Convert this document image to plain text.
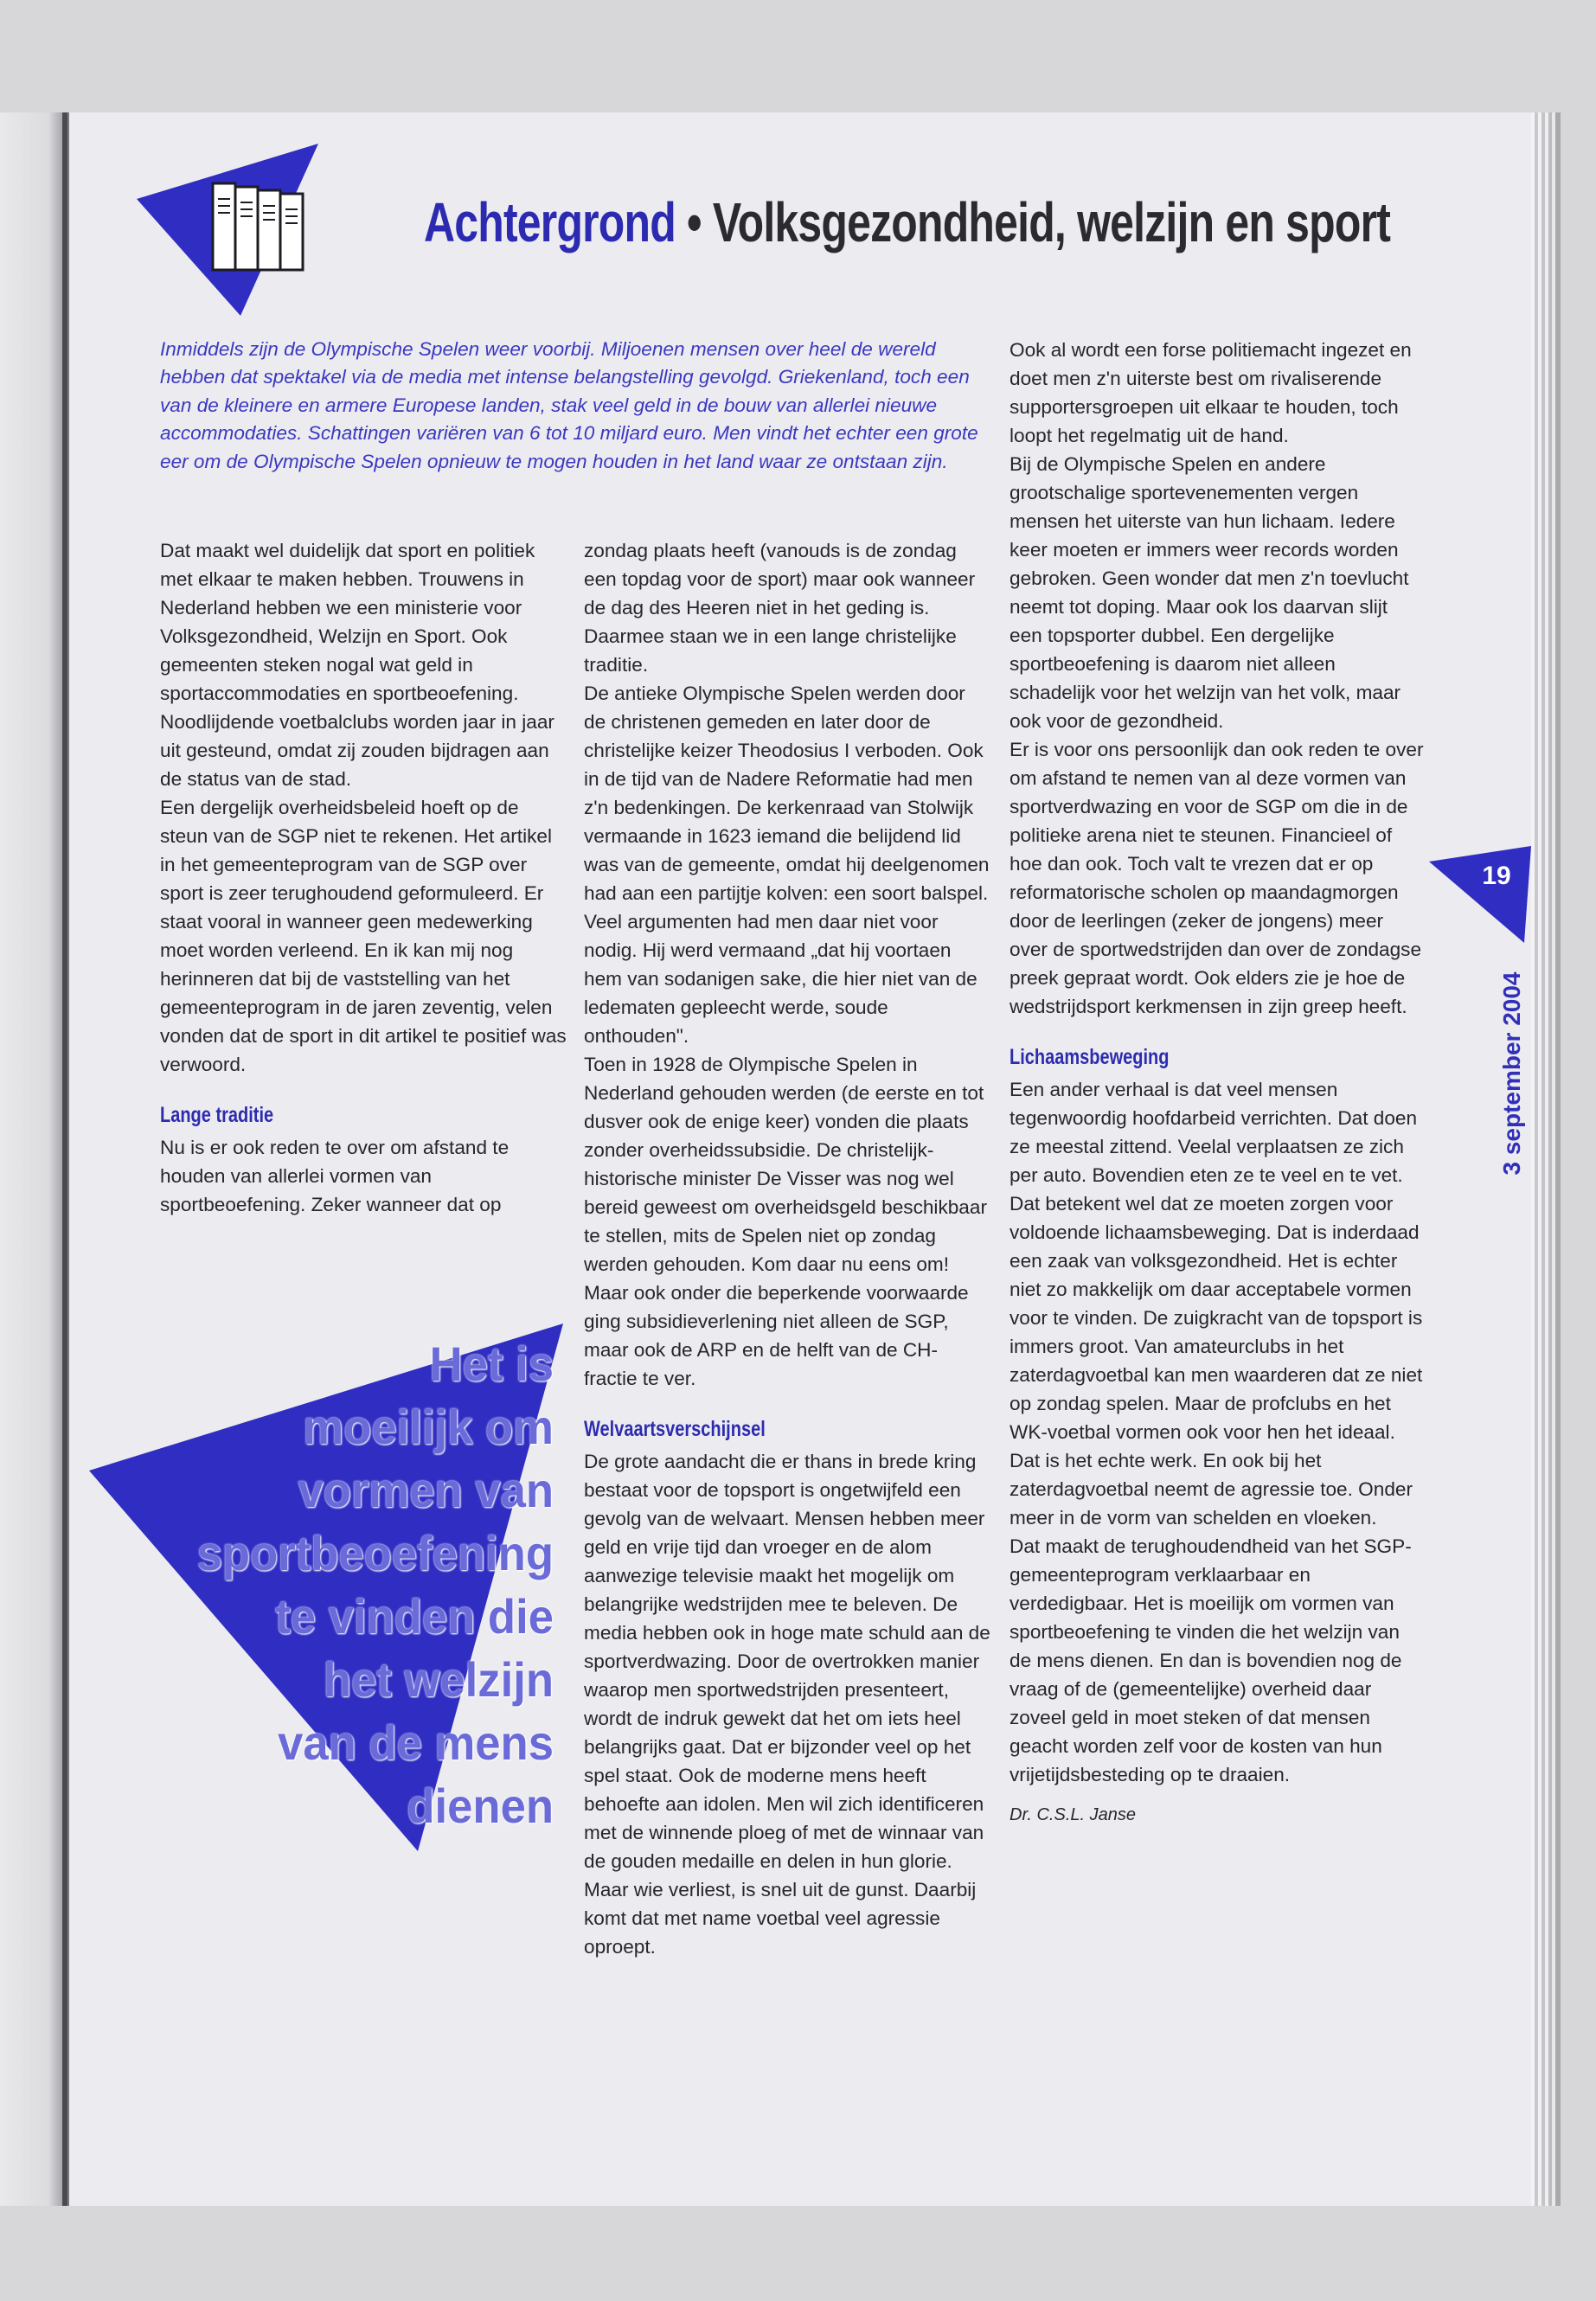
Achtergrond • Volksgezondheid, welzijn en sport

Inmiddels zijn de Olympische Spelen weer voorbij. Miljoenen mensen over heel de wereld hebben dat spektakel via de media met intense belangstelling gevolgd. Griekenland, toch een van de kleinere en armere Europese landen, stak veel geld in de bouw van allerlei nieuwe accommodaties. Schattingen variëren van 6 tot 10 miljard euro. Men vindt het echter een grote eer om de Olympische Spelen opnieuw te mogen houden in het land waar ze ontstaan zijn.

Dat maakt wel duidelijk dat sport en politiek met elkaar te maken hebben. Trouwens in Nederland hebben we een ministerie voor Volksgezondheid, Welzijn en Sport. Ook gemeenten steken nogal wat geld in sportaccommodaties en sportbeoefening. Noodlijdende voetbalclubs worden jaar in jaar uit gesteund, omdat zij zouden bijdragen aan de status van de stad.

Een dergelijk overheidsbeleid hoeft op de steun van de SGP niet te rekenen. Het artikel in het gemeenteprogram van de SGP over sport is zeer terughoudend geformuleerd. Er staat vooral in wanneer geen medewerking moet worden verleend. En ik kan mij nog herinneren dat bij de vaststelling van het gemeenteprogram in de jaren zeventig, velen vonden dat de sport in dit artikel te positief was verwoord.

Lange traditie

Nu is er ook reden te over om afstand te houden van allerlei vormen van sportbeoefening. Zeker wanneer dat op

zondag plaats heeft (vanouds is de zondag een topdag voor de sport) maar ook wanneer de dag des Heeren niet in het geding is. Daarmee staan we in een lange christelijke traditie.

De antieke Olympische Spelen werden door de christenen gemeden en later door de christelijke keizer Theodosius I verboden. Ook in de tijd van de Nadere Reformatie had men z'n bedenkingen. De kerkenraad van Stolwijk vermaande in 1623 iemand die belijdend lid was van de gemeente, omdat hij deelgenomen had aan een partijtje kolven: een soort balspel. Veel argumenten had men daar niet voor nodig. Hij werd vermaand „dat hij voortaen hem van sodanigen sake, die hier niet van de ledematen gepleecht werde, soude onthouden".

Toen in 1928 de Olympische Spelen in Nederland gehouden werden (de eerste en tot dusver ook de enige keer) vonden die plaats zonder overheidssubsidie. De christelijk-historische minister De Visser was nog wel bereid geweest om overheidsgeld beschikbaar te stellen, mits de Spelen niet op zondag werden gehouden. Kom daar nu eens om! Maar ook onder die beperkende voorwaarde ging subsidieverlening niet alleen de SGP, maar ook de ARP en de helft van de CH-fractie te ver.

Welvaartsverschijnsel

De grote aandacht die er thans in brede kring bestaat voor de topsport is ongetwijfeld een gevolg van de welvaart. Mensen hebben meer geld en vrije tijd dan vroeger en de alom aanwezige televisie maakt het mogelijk om belangrijke wedstrijden mee te beleven. De media hebben ook in hoge mate schuld aan de sportverdwazing. Door de overtrokken manier waarop men sportwedstrijden presenteert, wordt de indruk gewekt dat het om iets heel belangrijks gaat. Dat er bijzonder veel op het spel staat. Ook de moderne mens heeft behoefte aan idolen. Men wil zich identificeren met de winnende ploeg of met de winnaar van de gouden medaille en delen in hun glorie. Maar wie verliest, is snel uit de gunst. Daarbij komt dat met name voetbal veel agressie oproept.

Ook al wordt een forse politiemacht ingezet en doet men z'n uiterste best om rivaliserende supportersgroepen uit elkaar te houden, toch loopt het regelmatig uit de hand.

Bij de Olympische Spelen en andere grootschalige sportevenementen vergen mensen het uiterste van hun lichaam. Iedere keer moeten er immers weer records worden gebroken. Geen wonder dat men z'n toevlucht neemt tot doping. Maar ook los daarvan slijt een topsporter dubbel. Een dergelijke sportbeoefening is daarom niet alleen schadelijk voor het welzijn van het volk, maar ook voor de gezondheid.

Er is voor ons persoonlijk dan ook reden te over om afstand te nemen van al deze vormen van sportverdwazing en voor de SGP om die in de politieke arena niet te steunen. Financieel of hoe dan ook. Toch valt te vrezen dat er op reformatorische scholen op maandagmorgen door de leerlingen (zeker de jongens) meer over de sportwedstrijden dan over de zondagse preek gepraat wordt. Ook elders zie je hoe de wedstrijdsport kerkmensen in zijn greep heeft.

Lichaamsbeweging

Een ander verhaal is dat veel mensen tegenwoordig hoofdarbeid verrichten. Dat doen ze meestal zittend. Veelal verplaatsen ze zich per auto. Bovendien eten ze te veel en te vet. Dat betekent wel dat ze moeten zorgen voor voldoende lichaamsbeweging. Dat is inderdaad een zaak van volksgezondheid. Het is echter niet zo makkelijk om daar acceptabele vormen voor te vinden. De zuigkracht van de topsport is immers groot. Van amateurclubs in het zaterdagvoetbal kan men waarderen dat ze niet op zondag spelen. Maar de profclubs en het WK-voetbal vormen ook voor hen het ideaal. Dat is het echte werk. En ook bij het zaterdagvoetbal neemt de agressie toe. Onder meer in de vorm van schelden en vloeken.

Dat maakt de terughoudendheid van het SGP-gemeenteprogram verklaarbaar en verdedigbaar. Het is moeilijk om vormen van sportbeoefening te vinden die het welzijn van de mens dienen. En dan is bovendien nog de vraag of de (gemeentelijke) overheid daar zoveel geld in moet steken of dat mensen geacht worden zelf voor de kosten van hun vrijetijdsbesteding op te draaien.

Dr. C.S.L. Janse

Het is
moeilijk om
vormen van
sportbeoefening
te vinden die
het welzijn
van de mens
dienen
19
3 september 2004
